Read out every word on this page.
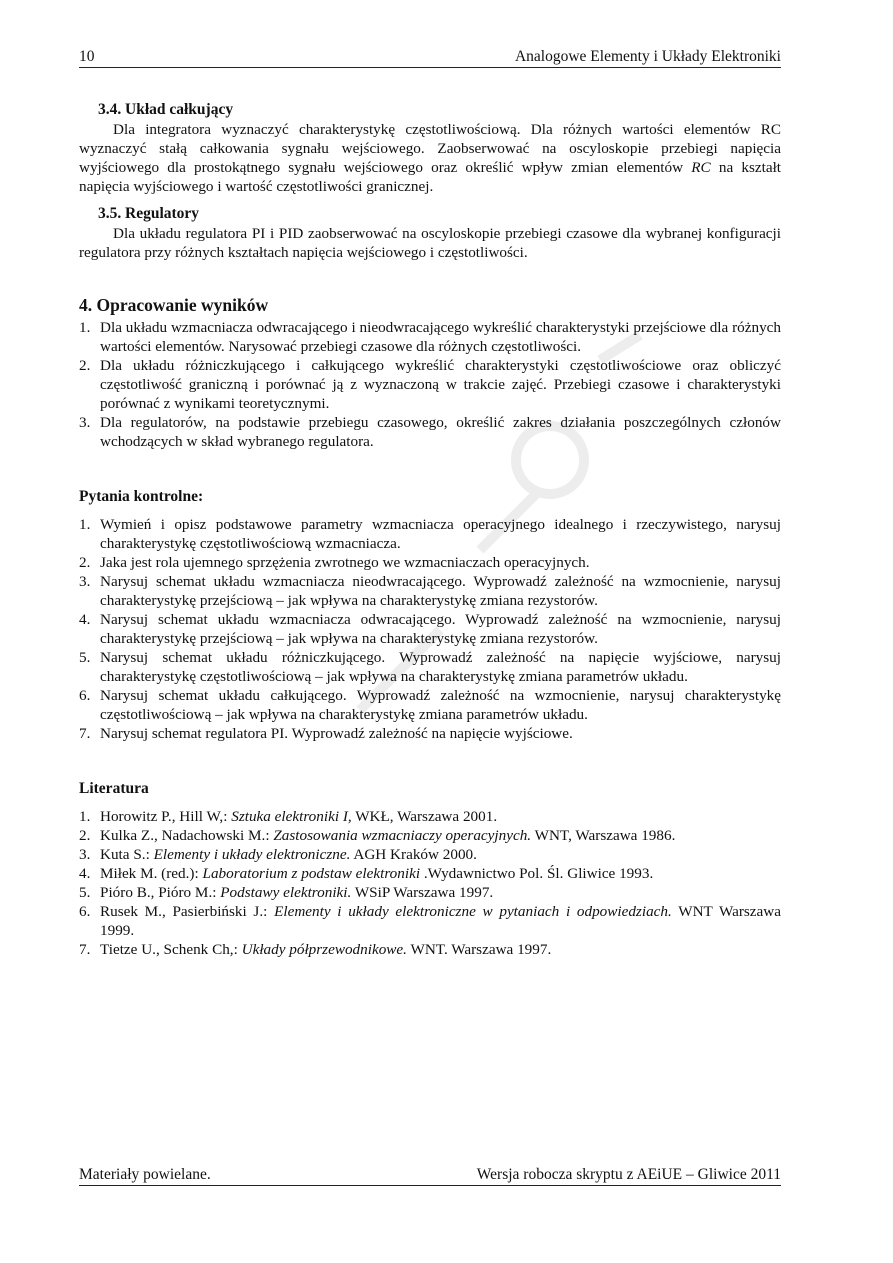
10	Analogowe Elementy i Układy Elektroniki
3.4. Układ całkujący

Dla integratora wyznaczyć charakterystykę częstotliwościową. Dla różnych wartości elementów RC wyznaczyć stałą całkowania sygnału wejściowego. Zaobserwować na oscyloskopie przebiegi napięcia wyjściowego dla prostokątnego sygnału wejściowego oraz określić wpływ zmian elementów RC na kształt napięcia wyjściowego i wartość częstotliwości granicznej.

3.5. Regulatory

Dla układu regulatora PI i PID zaobserwować na oscyloskopie przebiegi czasowe dla wybranej konfiguracji regulatora przy różnych kształtach napięcia wejściowego i częstotliwości.

4. Opracowanie wyników
1. Dla układu wzmacniacza odwracającego i nieodwracającego wykreślić charakterystyki przejściowe dla różnych wartości elementów. Narysować przebiegi czasowe dla różnych częstotliwości.
2. Dla układu różniczkującego i całkującego wykreślić charakterystyki częstotliwościowe oraz obliczyć częstotliwość graniczną i porównać ją z wyznaczoną w trakcie zajęć. Przebiegi czasowe i charakterystyki porównać z wynikami teoretycznymi.
3. Dla regulatorów, na podstawie przebiegu czasowego, określić zakres działania poszczególnych członów wchodzących w skład wybranego regulatora.
Pytania kontrolne:
1. Wymień i opisz podstawowe parametry wzmacniacza operacyjnego idealnego i rzeczywistego, narysuj charakterystykę częstotliwościową wzmacniacza.
2. Jaka jest rola ujemnego sprzężenia zwrotnego we wzmacniaczach operacyjnych.
3. Narysuj schemat układu wzmacniacza nieodwracającego. Wyprowadź zależność na wzmocnienie, narysuj charakterystykę przejściową – jak wpływa na charakterystykę zmiana rezystorów.
4. Narysuj schemat układu wzmacniacza odwracającego. Wyprowadź zależność na wzmocnienie, narysuj charakterystykę przejściową – jak wpływa na charakterystykę zmiana rezystorów.
5. Narysuj schemat układu różniczkującego. Wyprowadź zależność na napięcie wyjściowe, narysuj charakterystykę częstotliwościową – jak wpływa na charakterystykę zmiana parametrów układu.
6. Narysuj schemat układu całkującego. Wyprowadź zależność na wzmocnienie, narysuj charakterystykę częstotliwościową – jak wpływa na charakterystykę zmiana parametrów układu.
7. Narysuj schemat regulatora PI. Wyprowadź zależność na napięcie wyjściowe.
Literatura
1. Horowitz P., Hill W,: Sztuka elektroniki I, WKŁ, Warszawa 2001.
2. Kulka Z., Nadachowski M.: Zastosowania wzmacniaczy operacyjnych. WNT, Warszawa 1986.
3. Kuta S.: Elementy i układy elektroniczne. AGH Kraków 2000.
4. Miłek M. (red.): Laboratorium z podstaw elektroniki .Wydawnictwo Pol. Śl. Gliwice 1993.
5. Pióro B., Pióro M.: Podstawy elektroniki. WSiP Warszawa 1997.
6. Rusek M., Pasierbiński J.: Elementy i układy elektroniczne w pytaniach i odpowiedziach. WNT Warszawa 1999.
7. Tietze U., Schenk Ch,: Układy półprzewodnikowe. WNT. Warszawa 1997.
Materiały powielane.	Wersja robocza skryptu z AEiUE – Gliwice 2011
